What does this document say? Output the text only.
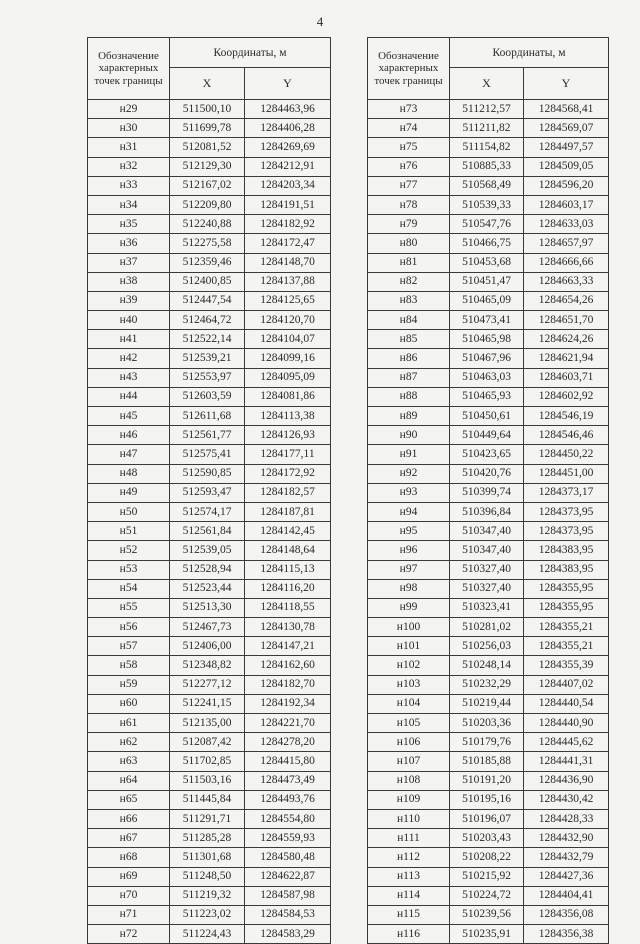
4
Обозначение характерных точек границы	Координаты, м	
	X	Y
н29	511500,10	1284463,96
н30	511699,78	1284406,28
н31	512081,52	1284269,69
н32	512129,30	1284212,91
н33	512167,02	1284203,34
н34	512209,80	1284191,51
н35	512240,88	1284182,92
н36	512275,58	1284172,47
н37	512359,46	1284148,70
н38	512400,85	1284137,88
н39	512447,54	1284125,65
н40	512464,72	1284120,70
н41	512522,14	1284104,07
н42	512539,21	1284099,16
н43	512553,97	1284095,09
н44	512603,59	1284081,86
н45	512611,68	1284113,38
н46	512561,77	1284126,93
н47	512575,41	1284177,11
н48	512590,85	1284172,92
н49	512593,47	1284182,57
н50	512574,17	1284187,81
н51	512561,84	1284142,45
н52	512539,05	1284148,64
н53	512528,94	1284115,13
н54	512523,44	1284116,20
н55	512513,30	1284118,55
н56	512467,73	1284130,78
н57	512406,00	1284147,21
н58	512348,82	1284162,60
н59	512277,12	1284182,70
н60	512241,15	1284192,34
н61	512135,00	1284221,70
н62	512087,42	1284278,20
н63	511702,85	1284415,80
н64	511503,16	1284473,49
н65	511445,84	1284493,76
н66	511291,71	1284554,80
н67	511285,28	1284559,93
н68	511301,68	1284580,48
н69	511248,50	1284622,87
н70	511219,32	1284587,98
н71	511223,02	1284584,53
н72	511224,43	1284583,29
Обозначение характерных точек границы	Координаты, м	
	X	Y
н73	511212,57	1284568,41
н74	511211,82	1284569,07
н75	511154,82	1284497,57
н76	510885,33	1284509,05
н77	510568,49	1284596,20
н78	510539,33	1284603,17
н79	510547,76	1284633,03
н80	510466,75	1284657,97
н81	510453,68	1284666,66
н82	510451,47	1284663,33
н83	510465,09	1284654,26
н84	510473,41	1284651,70
н85	510465,98	1284624,26
н86	510467,96	1284621,94
н87	510463,03	1284603,71
н88	510465,93	1284602,92
н89	510450,61	1284546,19
н90	510449,64	1284546,46
н91	510423,65	1284450,22
н92	510420,76	1284451,00
н93	510399,74	1284373,17
н94	510396,84	1284373,95
н95	510347,40	1284373,95
н96	510347,40	1284383,95
н97	510327,40	1284383,95
н98	510327,40	1284355,95
н99	510323,41	1284355,95
н100	510281,02	1284355,21
н101	510256,03	1284355,21
н102	510248,14	1284355,39
н103	510232,29	1284407,02
н104	510219,44	1284440,54
н105	510203,36	1284440,90
н106	510179,76	1284445,62
н107	510185,88	1284441,31
н108	510191,20	1284436,90
н109	510195,16	1284430,42
н110	510196,07	1284428,33
н111	510203,43	1284432,90
н112	510208,22	1284432,79
н113	510215,92	1284427,36
н114	510224,72	1284404,41
н115	510239,56	1284356,08
н116	510235,91	1284356,38
